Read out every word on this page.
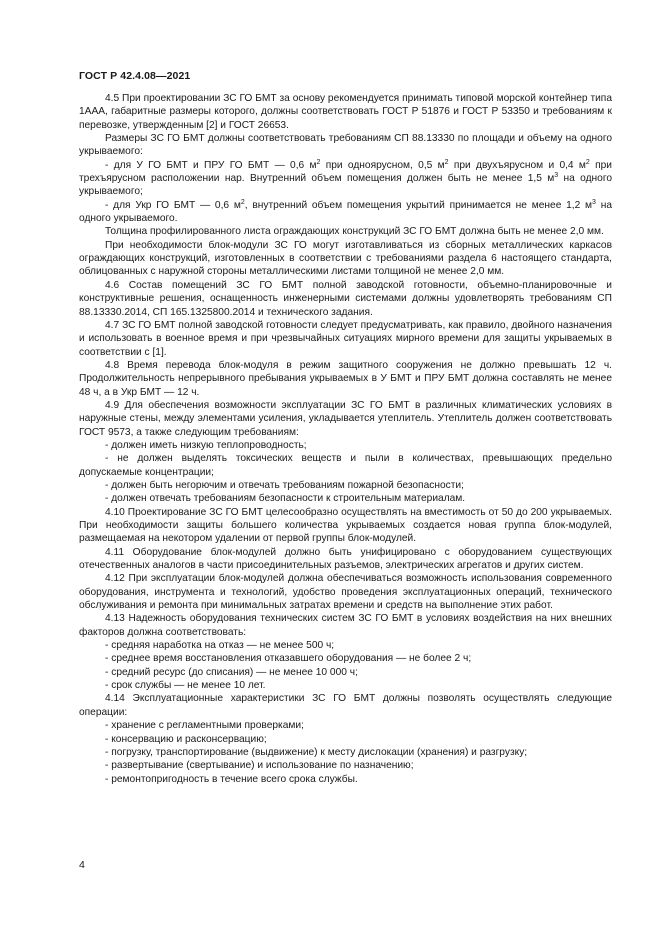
ГОСТ Р 42.4.08—2021

4.5 При проектировании ЗС ГО БМТ за основу рекомендуется принимать типовой морской контейнер типа 1ААА, габаритные размеры которого, должны соответствовать ГОСТ Р 51876 и ГОСТ Р 53350 и требованиям к перевозке, утвержденным [2] и ГОСТ 26653.

Размеры ЗС ГО БМТ должны соответствовать требованиям СП 88.13330 по площади и объему на одного укрываемого:

- для У ГО БМТ и ПРУ ГО БМТ — 0,6 $м^2$ при одноярусном, 0,5 $м^2$ при двухъярусном и 0,4 $м^2$ при трехъярусном расположении нар. Внутренний объем помещения должен быть не менее 1,5 $м^3$ на одного укрываемого;

- для Укр ГО БМТ — 0,6 $м^2$, внутренний объем помещения укрытий принимается не менее 1,2 $м^3$ на одного укрываемого.

Толщина профилированного листа ограждающих конструкций ЗС ГО БМТ должна быть не менее 2,0 мм.

При необходимости блок-модули ЗС ГО могут изготавливаться из сборных металлических каркасов ограждающих конструкций, изготовленных в соответствии с требованиями раздела 6 настоящего стандарта, облицованных с наружной стороны металлическими листами толщиной не менее 2,0 мм.

4.6 Состав помещений ЗС ГО БМТ полной заводской готовности, объемно-планировочные и конструктивные решения, оснащенность инженерными системами должны удовлетворять требованиям СП 88.13330.2014, СП 165.1325800.2014 и технического задания.

4.7 ЗС ГО БМТ полной заводской готовности следует предусматривать, как правило, двойного назначения и использовать в военное время и при чрезвычайных ситуациях мирного времени для защиты укрываемых в соответствии с [1].

4.8 Время перевода блок-модуля в режим защитного сооружения не должно превышать 12 ч. Продолжительность непрерывного пребывания укрываемых в У БМТ и ПРУ БМТ должна составлять не менее 48 ч, а в Укр БМТ — 12 ч.

4.9 Для обеспечения возможности эксплуатации ЗС ГО БМТ в различных климатических условиях в наружные стены, между элементами усиления, укладывается утеплитель. Утеплитель должен соответствовать ГОСТ 9573, а также следующим требованиям:

- должен иметь низкую теплопроводность;

- не должен выделять токсических веществ и пыли в количествах, превышающих предельно допускаемые концентрации;

- должен быть негорючим и отвечать требованиям пожарной безопасности;

- должен отвечать требованиям безопасности к строительным материалам.

4.10 Проектирование ЗС ГО БМТ целесообразно осуществлять на вместимость от 50 до 200 укрываемых. При необходимости защиты большего количества укрываемых создается новая группа блок-модулей, размещаемая на некотором удалении от первой группы блок-модулей.

4.11 Оборудование блок-модулей должно быть унифицировано с оборудованием существующих отечественных аналогов в части присоединительных разъемов, электрических агрегатов и других систем.

4.12 При эксплуатации блок-модулей должна обеспечиваться возможность использования современного оборудования, инструмента и технологий, удобство проведения эксплуатационных операций, технического обслуживания и ремонта при минимальных затратах времени и средств на выполнение этих работ.

4.13 Надежность оборудования технических систем ЗС ГО БМТ в условиях воздействия на них внешних факторов должна соответствовать:

- средняя наработка на отказ — не менее 500 ч;

- среднее время восстановления отказавшего оборудования — не более 2 ч;

- средний ресурс (до списания) — не менее 10 000 ч;

- срок службы — не менее 10 лет.

4.14 Эксплуатационные характеристики ЗС ГО БМТ должны позволять осуществлять следующие операции:

- хранение с регламентными проверками;

- консервацию и расконсервацию;

- погрузку, транспортирование (выдвижение) к месту дислокации (хранения) и разгрузку;

- развертывание (свертывание) и использование по назначению;

- ремонтопригодность в течение всего срока службы.

4
